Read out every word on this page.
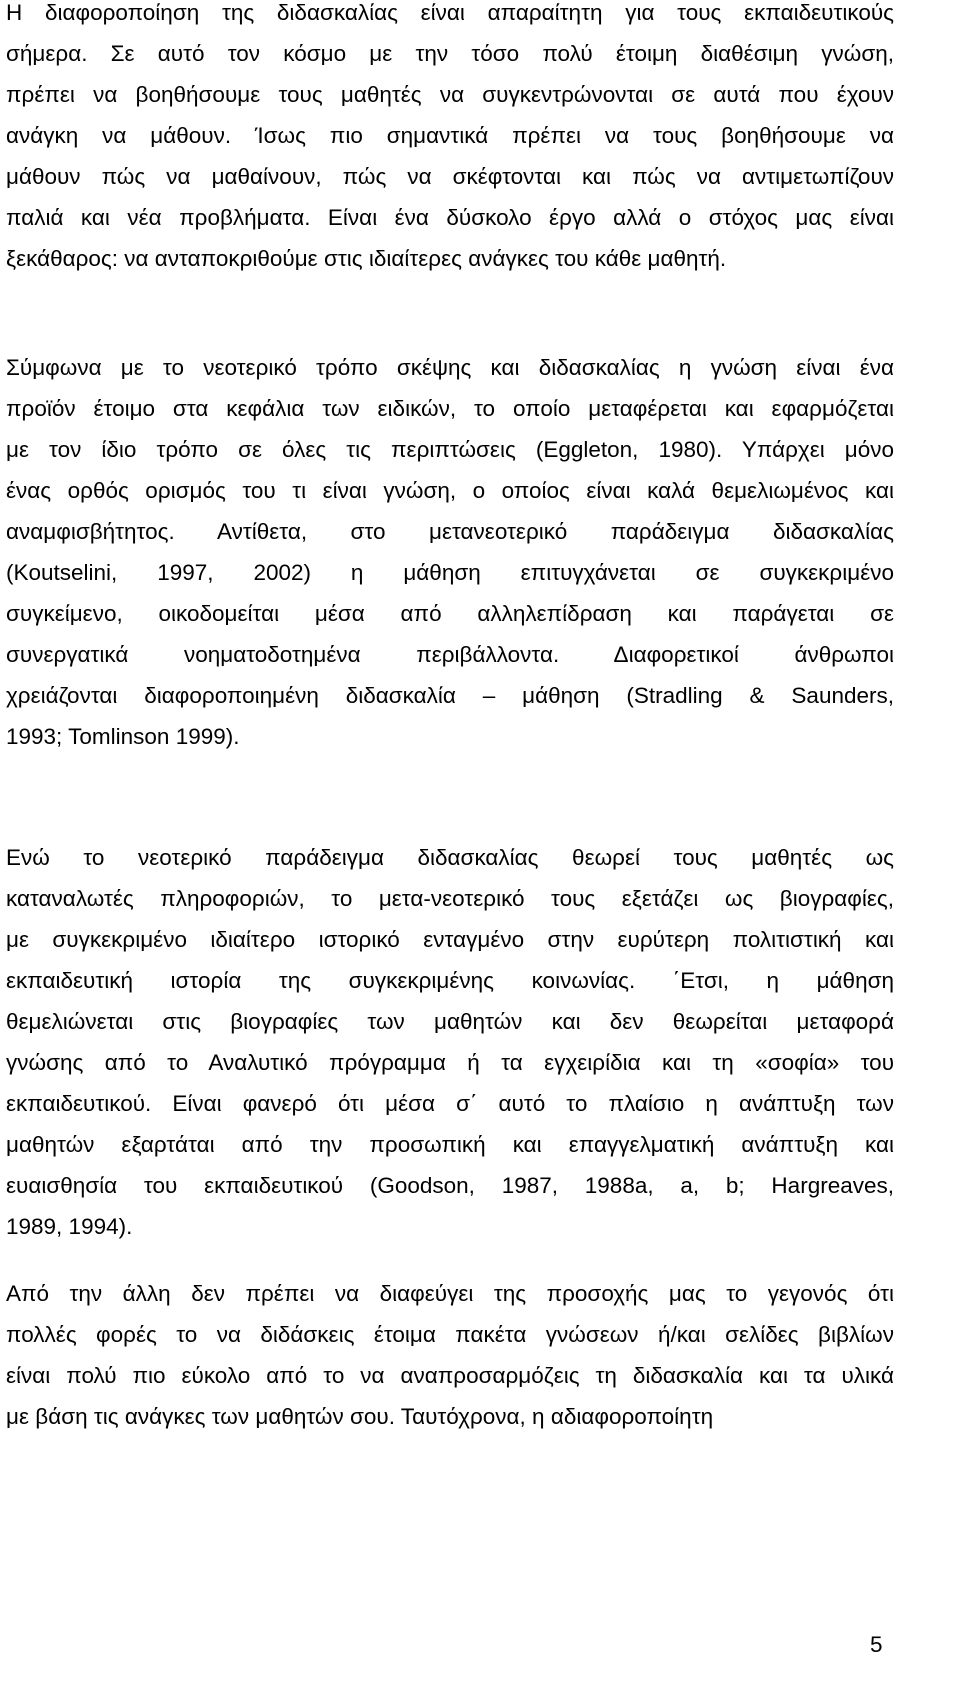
Η διαφοροποίηση της διδασκαλίας είναι απαραίτητη για τους εκπαιδευτικούς
σήμερα. Σε αυτό τον κόσμο με την τόσο πολύ έτοιμη διαθέσιμη γνώση,
πρέπει να βοηθήσουμε τους μαθητές να συγκεντρώνονται σε αυτά που έχουν
ανάγκη να μάθουν. Ίσως πιο σημαντικά πρέπει να τους βοηθήσουμε να
μάθουν πώς να μαθαίνουν, πώς να σκέφτονται και πώς να αντιμετωπίζουν
παλιά και νέα προβλήματα. Είναι ένα δύσκολο έργο αλλά ο στόχος μας είναι
ξεκάθαρος: να ανταποκριθούμε στις ιδιαίτερες ανάγκες του κάθε μαθητή.
Σύμφωνα με το νεοτερικό τρόπο σκέψης και διδασκαλίας η γνώση είναι ένα
προϊόν έτοιμο στα κεφάλια των ειδικών, το οποίο μεταφέρεται και εφαρμόζεται
με τον ίδιο τρόπο σε όλες τις περιπτώσεις (Eggleton, 1980). Υπάρχει μόνο
ένας ορθός ορισμός του τι είναι γνώση, ο οποίος είναι καλά θεμελιωμένος και
αναμφισβήτητος. Αντίθετα, στο μετανεοτερικό παράδειγμα διδασκαλίας
(Koutselini, 1997, 2002) η μάθηση επιτυγχάνεται σε συγκεκριμένο
συγκείμενο, οικοδομείται μέσα από αλληλεπίδραση και παράγεται σε
συνεργατικά νοηματοδοτημένα περιβάλλοντα. Διαφορετικοί άνθρωποι
χρειάζονται διαφοροποιημένη διδασκαλία – μάθηση (Stradling & Saunders,
1993; Tomlinson 1999).
Ενώ το νεοτερικό παράδειγμα διδασκαλίας θεωρεί τους μαθητές ως
καταναλωτές πληροφοριών, το μετα-νεοτερικό τους εξετάζει ως βιογραφίες,
με συγκεκριμένο ιδιαίτερο ιστορικό ενταγμένο στην ευρύτερη πολιτιστική και
εκπαιδευτική ιστορία της συγκεκριμένης κοινωνίας. ΄Ετσι, η μάθηση
θεμελιώνεται στις βιογραφίες των μαθητών και δεν θεωρείται μεταφορά
γνώσης από το Αναλυτικό πρόγραμμα ή τα εγχειρίδια και τη «σοφία» του
εκπαιδευτικού. Είναι φανερό ότι μέσα σ΄ αυτό το πλαίσιο η ανάπτυξη των
μαθητών εξαρτάται από την προσωπική και επαγγελματική ανάπτυξη και
ευαισθησία του εκπαιδευτικού (Goodson, 1987, 1988a, a, b; Hargreaves,
1989, 1994).
Από την άλλη δεν πρέπει να διαφεύγει της προσοχής μας το γεγονός ότι
πολλές φορές το να διδάσκεις έτοιμα πακέτα γνώσεων ή/και σελίδες βιβλίων
είναι πολύ πιο εύκολο από το να αναπροσαρμόζεις τη διδασκαλία και τα υλικά
με βάση τις ανάγκες των μαθητών σου. Ταυτόχρονα, η αδιαφοροποίητη
5
